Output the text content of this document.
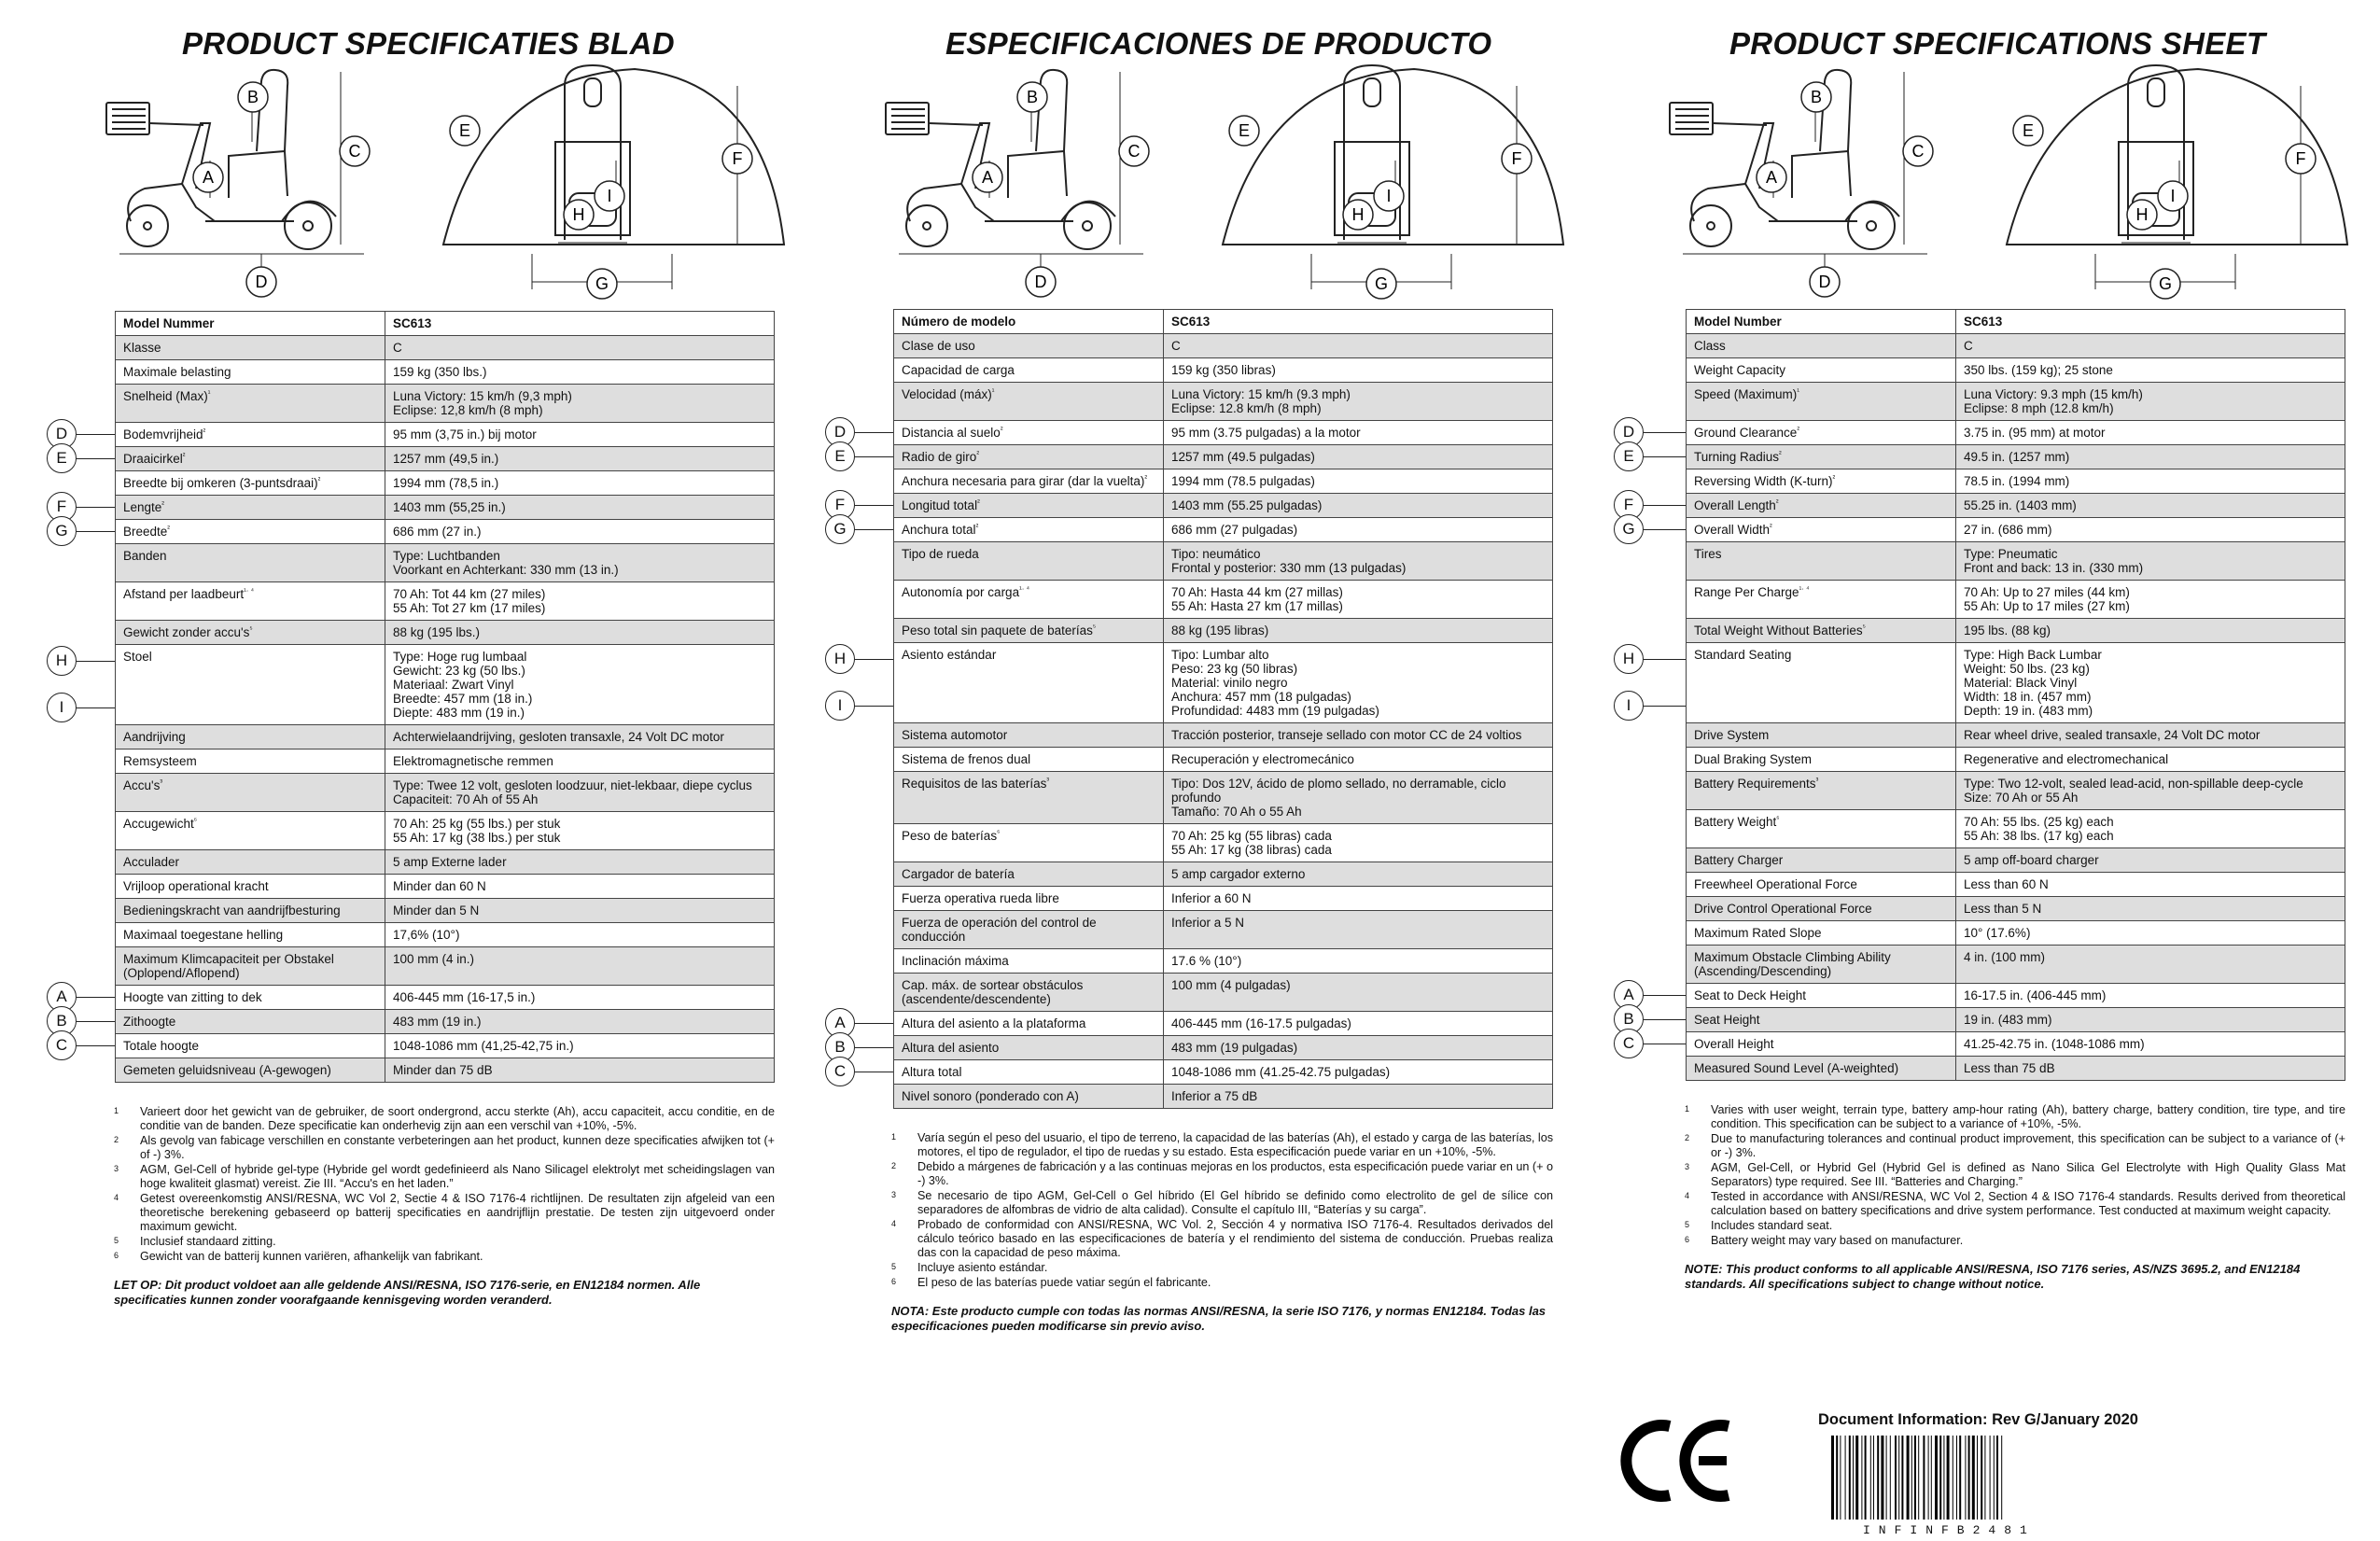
PRODUCT SPECIFICATIES BLAD
B
A
C
D
E
F
G
H
I
Model Nummer	SC613
Klasse	C
Maximale belasting	159 kg (350 lbs.)
Snelheid (Max)$^{^1}$	Luna Victory: 15 km/h (9,3 mph)
Eclipse: 12,8 km/h (8 mph)
Bodemvrijheid$^{^2}$	95 mm (3,75 in.) bij motor
Draaicirkel$^{^2}$	1257 mm (49,5 in.)
Breedte bij omkeren (3-puntsdraai)$^{^2}$	1994 mm (78,5 in.)
Lengte$^{^2}$	1403 mm (55,25 in.)
Breedte$^{^2}$	686 mm (27 in.)
Banden	Type: Luchtbanden
Voorkant en Achterkant: 330 mm (13 in.)
Afstand per laadbeurt$^{^1\cdot ^4}$	70 Ah: Tot 44 km (27 miles)
55 Ah: Tot 27 km (17 miles)
Gewicht zonder $accu's^{^5}$	88 kg (195 lbs.)
Stoel	Type: Hoge rug lumbaal
Gewicht: 23 kg (50 lbs.)
Materiaal: Zwart Vinyl
Breedte: 457 mm (18 in.)
Diepte: 483 mm (19 in.)
Aandrijving	Achterwielaandrijving, gesloten transaxle, 24 Volt DC motor
Remsysteem	Elektromagnetische remmen
$Accu's^{^3}$	Type: Twee 12 volt, gesloten loodzuur, niet-lekbaar, diepe cyclus
Capaciteit: 70 Ah of 55 Ah
Accugewicht$^{^6}$	70 Ah: 25 kg (55 lbs.) per stuk
55 Ah: 17 kg (38 lbs.) per stuk
Acculader	5 amp Externe lader
Vrijloop operational kracht	Minder dan 60 N
Bedieningskracht van aandrijfbesturing	Minder dan 5 N
Maximaal toegestane helling	17,6% (10°)
Maximum Klimcapaciteit per Obstakel (Oplopend/Aflopend)	100 mm (4 in.)
Hoogte van zitting to dek	406-445 mm (16-17,5 in.)
Zithoogte	483 mm (19 in.)
Totale hoogte	1048-1086 mm (41,25-42,75 in.)
Gemeten geluidsniveau (A-gewogen)	Minder dan 75 dB
1	Varieert door het gewicht van de gebruiker, de soort ondergrond, accu sterkte (Ah), accu capaciteit, accu conditie, en de conditie van de banden. Deze specificatie kan onderhevig zijn aan een verschil van +10%, -5%.
2	Als gevolg van fabicage verschillen en constante verbeteringen aan het product, kunnen deze specificaties afwijken tot (+ of -) 3%.
3	AGM, Gel-Cell of hybride gel-type (Hybride gel wordt gedefinieerd als Nano Silicagel elektrolyt met scheidingslagen van hoge kwaliteit glasmat) vereist. Zie III. “Accu's en het laden.”
4	Getest overeenkomstig ANSI/RESNA, WC Vol 2, Sectie 4 & ISO 7176-4 richtlijnen. De resultaten zijn afgeleid van een theoretische berekening gebaseerd op batterij specificaties en aandrijflijn prestatie. De testen zijn uitgevoerd onder maximum gewicht.
5	Inclusief standaard zitting.
6	Gewicht van de batterij kunnen variëren, afhankelijk van fabrikant.
LET OP: Dit product voldoet aan alle geldende ANSI/RESNA, ISO 7176-serie, en EN12184 normen. Alle specificaties kunnen zonder voorafgaande kennisgeving worden veranderd.
D
E
F
G
A
B
C
H
I
ESPECIFICACIONES DE PRODUCTO
B
A
C
D
E
F
G
H
I
Número de modelo	SC613
Clase de uso	C
Capacidad de carga	159 kg (350 libras)
Velocidad (máx)$^{^1}$	Luna Victory: 15 km/h (9.3 mph)
Eclipse: 12.8 km/h (8 mph)
Distancia al suelo$^{^2}$	95 mm (3.75 pulgadas) a la motor
Radio de giro$^{^2}$	1257 mm (49.5 pulgadas)
Anchura necesaria para girar (dar la vuelta)$^{^2}$	1994 mm (78.5 pulgadas)
Longitud total$^{^2}$	1403 mm (55.25 pulgadas)
Anchura total$^{^2}$	686 mm (27 pulgadas)
Tipo de rueda	Tipo: neumático
Frontal y posterior: 330 mm (13 pulgadas)
Autonomía por carga$^{^1\cdot ^4}$	70 Ah: Hasta 44 km (27 millas)
55 Ah: Hasta 27 km (17 millas)
Peso total sin paquete de baterías$^{^5}$	88 kg (195 libras)
Asiento estándar	Tipo: Lumbar alto
Peso: 23 kg (50 libras)
Material: vinilo negro
Anchura: 457 mm (18 pulgadas)
Profundidad: 4483 mm (19 pulgadas)
Sistema automotor	Tracción posterior, transeje sellado con motor CC de 24 voltios
Sistema de frenos dual	Recuperación y electromecánico
Requisitos de las baterías$^{^3}$	Tipo: Dos 12V, ácido de plomo sellado, no derramable, ciclo profundo
Tamaño: 70 Ah o 55 Ah
Peso de baterías$^{^6}$	70 Ah: 25 kg (55 libras) cada
55 Ah: 17 kg (38 libras) cada
Cargador de batería	5 amp cargador externo
Fuerza operativa rueda libre	Inferior a 60 N
Fuerza de operación del control de conducción	Inferior a 5 N
Inclinación máxima	17.6 % (10°)
Cap. máx. de sortear obstáculos (ascendente/descendente)	100 mm (4 pulgadas)
Altura del asiento a la plataforma	406-445 mm (16-17.5 pulgadas)
Altura del asiento	483 mm (19 pulgadas)
Altura total	1048-1086 mm (41.25-42.75 pulgadas)
Nivel sonoro (ponderado con A)	Inferior a 75 dB
1	Varía según el peso del usuario, el tipo de terreno, la capacidad de las baterías (Ah), el estado y carga de las baterías, los motores, el tipo de regulador, el tipo de ruedas y su estado. Esta especificación puede variar en un +10%, -5%.
2	Debido a márgenes de fabricación y a las continuas mejoras en los productos, esta especificación puede variar en un (+ o -) 3%.
3	Se necesario de tipo AGM, Gel-Cell o Gel híbrido (El Gel híbrido se definido como electrolito de gel de sílice con separadores de alfombras de vidrio de alta calidad). Consulte el capítulo III, “Baterías y su carga”.
4	Probado de conformidad con ANSI/RESNA, WC Vol. 2, Sección 4 y normativa ISO 7176-4. Resultados derivados del cálculo teórico basado en las especificaciones de batería y el rendimiento del sistema de conducción. Pruebas realiza das con la capacidad de peso máxima.
5	Incluye asiento estándar.
6	El peso de las baterías puede vatiar según el fabricante.
NOTA: Este producto cumple con todas las normas ANSI/RESNA, la serie ISO 7176, y normas EN12184. Todas las especificaciones pueden modificarse sin previo aviso.
D
E
F
G
A
B
C
H
I
PRODUCT SPECIFICATIONS SHEET
B
A
C
D
E
F
G
H
I
Model Number	SC613
Class	C
Weight Capacity	350 lbs. (159 kg); 25 stone
Speed (Maximum)$^{^1}$	Luna Victory: 9.3 mph (15 km/h)
Eclipse: 8 mph (12.8 km/h)
Ground Clearance$^{^2}$	3.75 in. (95 mm) at motor
Turning Radius$^{^2}$	49.5 in. (1257 mm)
Reversing Width (K-turn)$^{^2}$	78.5 in. (1994 mm)
Overall Length$^{^2}$	55.25 in. (1403 mm)
Overall Width$^{^2}$	27 in. (686 mm)
Tires	Type: Pneumatic
Front and back: 13 in. (330 mm)
Range Per Charge$^{^1\cdot ^4}$	70 Ah: Up to 27 miles (44 km)
55 Ah: Up to 17 miles (27 km)
Total Weight Without Batteries$^{^5}$	195 lbs. (88 kg)
Standard Seating	Type: High Back Lumbar
Weight: 50 lbs. (23 kg)
Material: Black Vinyl
Width: 18 in. (457 mm)
Depth: 19 in. (483 mm)
Drive System	Rear wheel drive, sealed transaxle, 24 Volt DC motor
Dual Braking System	Regenerative and electromechanical
Battery Requirements$^{^3}$	Type: Two 12-volt, sealed lead-acid, non-spillable deep-cycle
Size: 70 Ah or 55 Ah
Battery Weight$^{^6}$	70 Ah: 55 lbs. (25 kg) each
55 Ah: 38 lbs. (17 kg) each
Battery Charger	5 amp off-board charger
Freewheel Operational Force	Less than 60 N
Drive Control Operational Force	Less than 5 N
Maximum Rated Slope	10° (17.6%)
Maximum Obstacle Climbing Ability (Ascending/Descending)	4 in. (100 mm)
Seat to Deck Height	16-17.5 in. (406-445 mm)
Seat Height	19 in. (483 mm)
Overall Height	41.25-42.75 in. (1048-1086 mm)
Measured Sound Level (A-weighted)	Less than 75 dB
1	Varies with user weight, terrain type, battery amp-hour rating (Ah), battery charge, battery condition, tire type, and tire condition. This specification can be subject to a variance of +10%, -5%.
2	Due to manufacturing tolerances and continual product improvement, this specification can be subject to a variance of (+ or -) 3%.
3	AGM, Gel-Cell, or Hybrid Gel (Hybrid Gel is defined as Nano Silica Gel Electrolyte with High Quality Glass Mat Separators) type required. See III. “Batteries and Charging.”
4	Tested in accordance with ANSI/RESNA, WC Vol 2, Section 4 & ISO 7176-4 standards. Results derived from theoretical calculation based on battery specifications and drive system performance. Test conducted at maximum weight capacity.
5	Includes standard seat.
6	Battery weight may vary based on manufacturer.
NOTE: This product conforms to all applicable ANSI/RESNA, ISO 7176 series, AS/NZS 3695.2, and EN12184 standards. All specifications subject to change without notice.
D
E
F
G
A
B
C
H
I
Document Information: Rev G/January 2020
INFINFB2481
